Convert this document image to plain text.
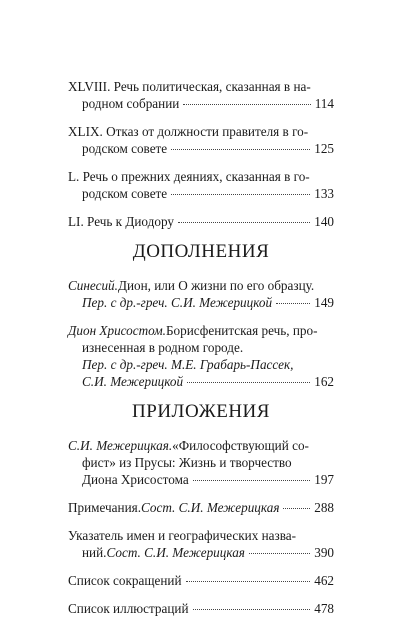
XLVIII. Речь политическая, сказанная в на-
родном собрании	114
XLIX. Отказ от должности правителя в го-
родском совете	125
L. Речь о прежних деяниях, сказанная в го-
родском совете	133
LI. Речь к Диодору	140
ДОПОЛНЕНИЯ
Синесий. Дион, или О жизни по его образцу.
Пер. с др.-греч. С.И. Межерицкой	149
Дион Хрисостом. Борисфенитская речь, про-
изнесенная в родном городе.
Пер. с др.-греч. М.Е. Грабарь-Пассек,
С.И. Межерицкой	162
ПРИЛОЖЕНИЯ
С.И. Межерицкая. «Философствующий со-
фист» из Прусы: Жизнь и творчество
Диона Хрисостома	197
Примечания. Сост. С.И. Межерицкая	288
Указатель имен и географических назва-
ний. Сост. С.И. Межерицкая	390
Список сокращений	462
Список иллюстраций	478
